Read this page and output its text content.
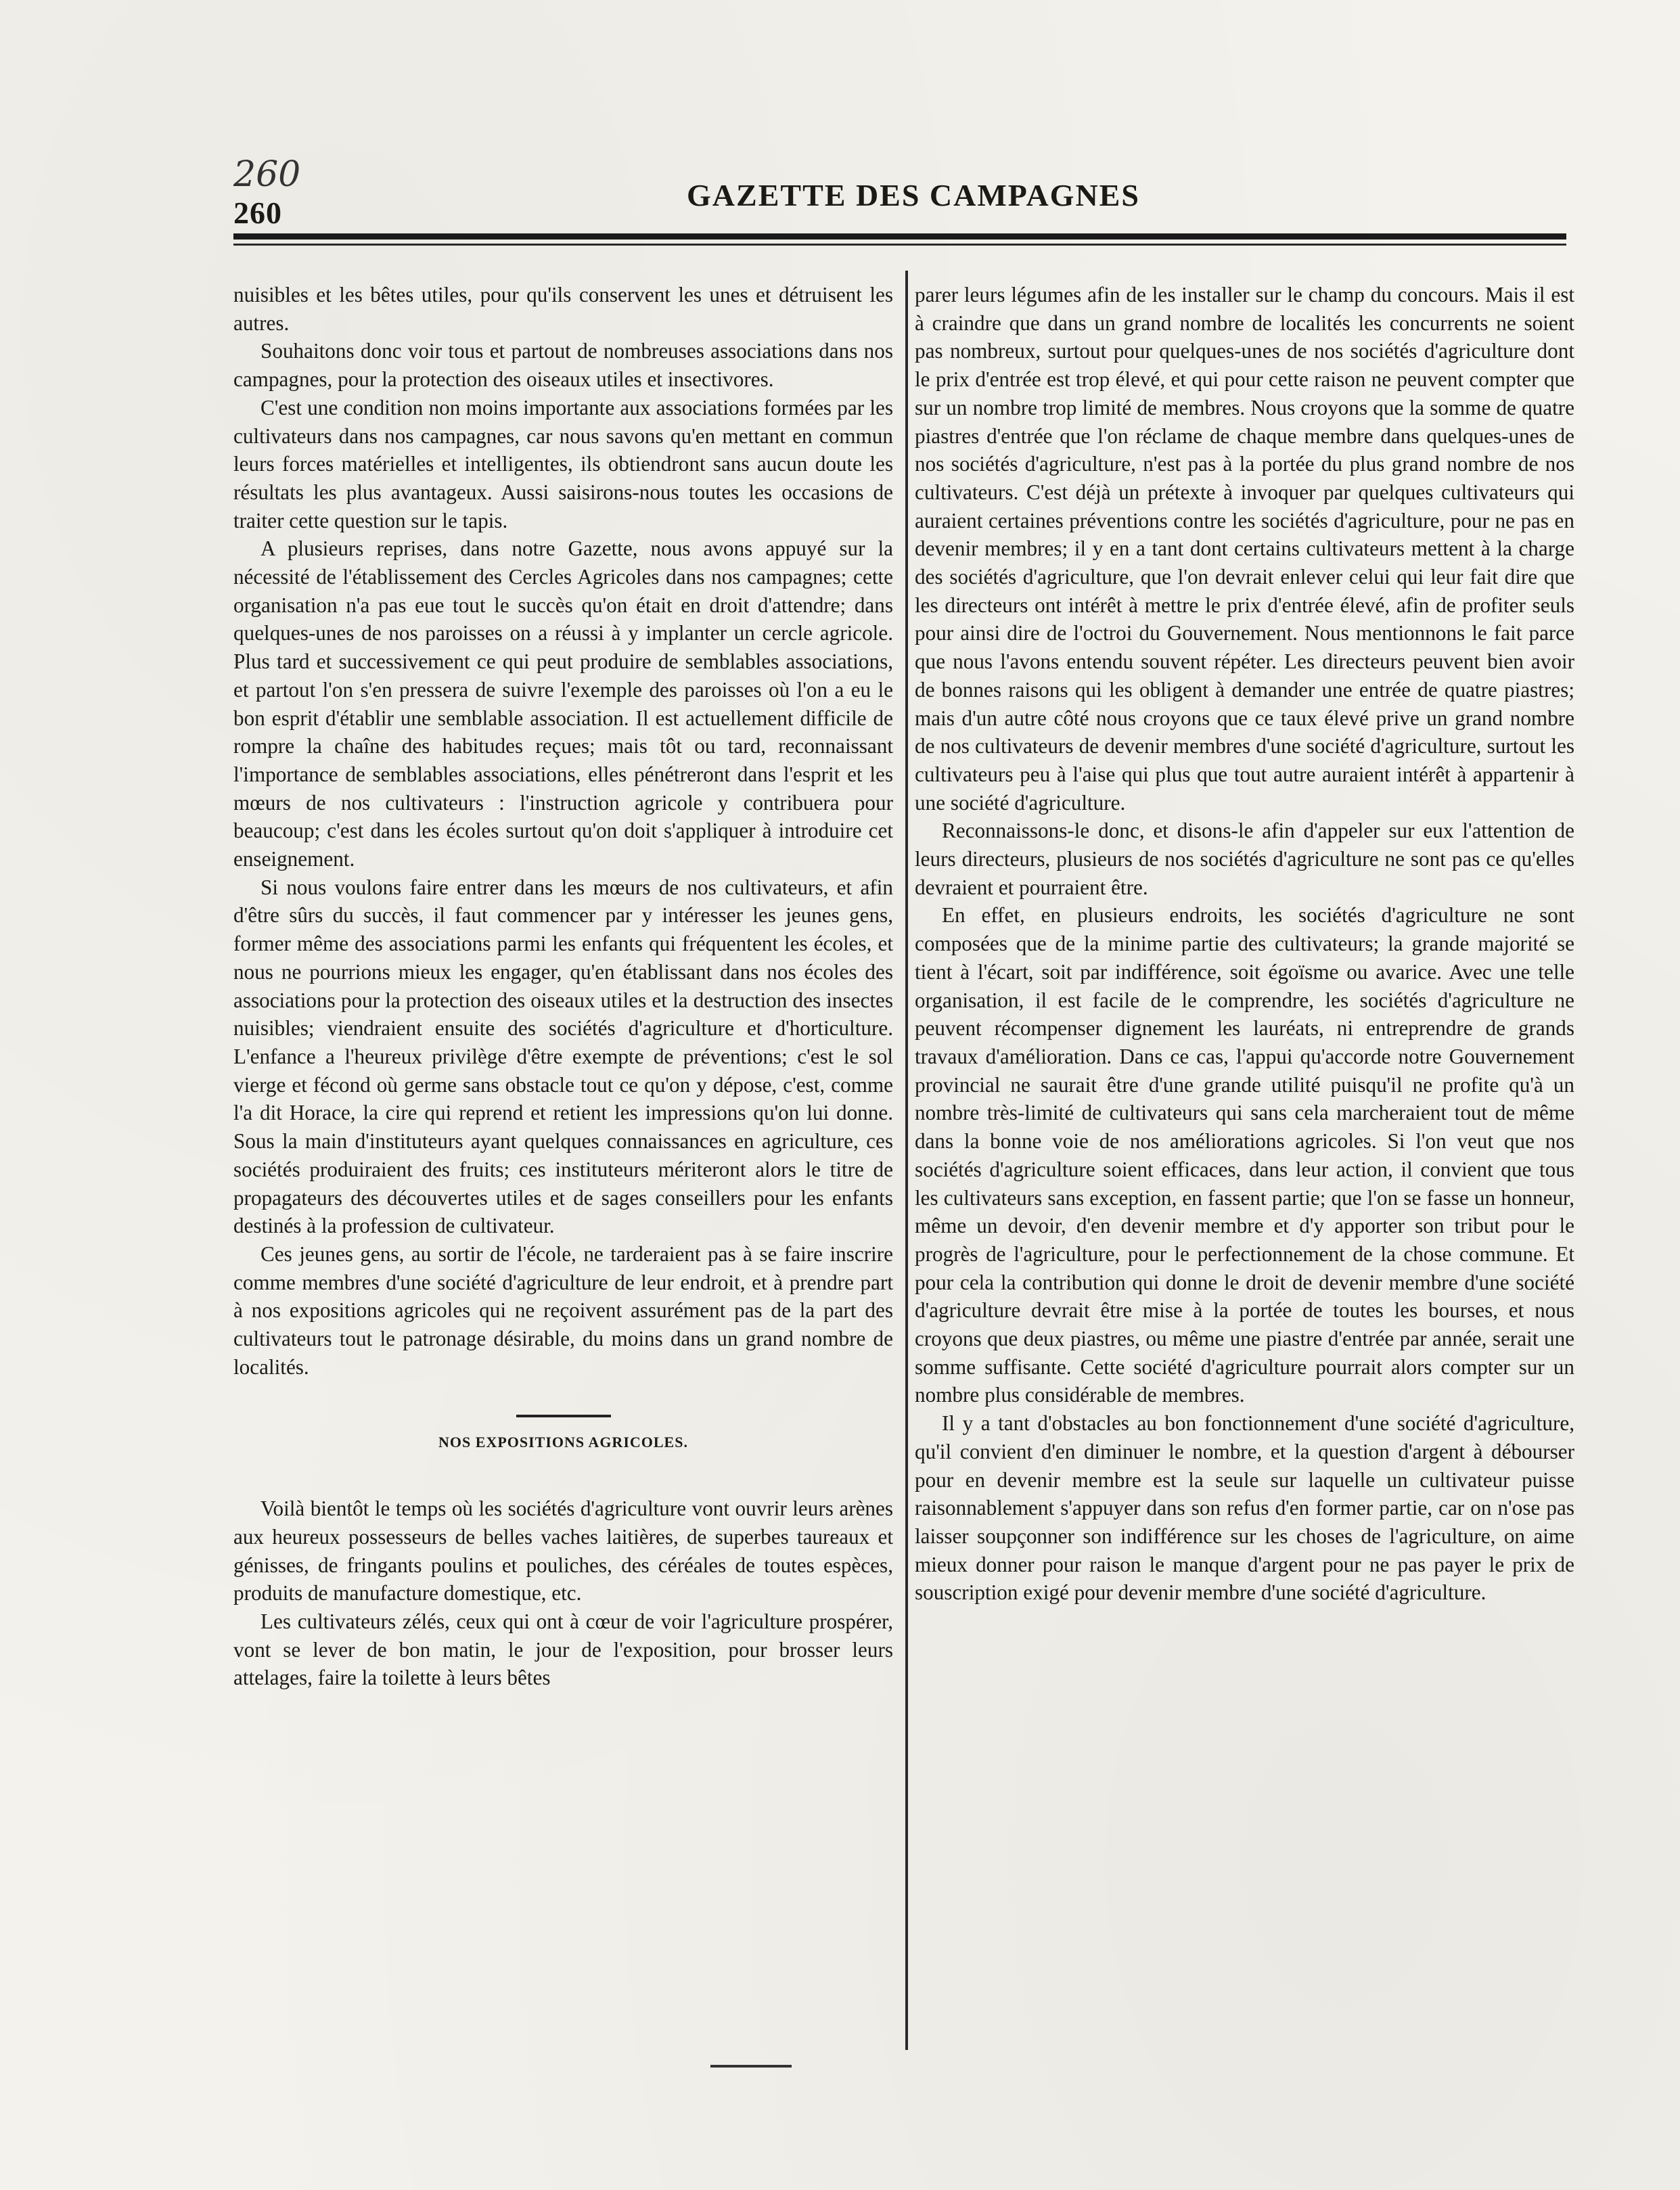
260
260
GAZETTE DES CAMPAGNES

nuisibles et les bêtes utiles, pour qu'ils conservent les unes et détruisent les autres.

Souhaitons donc voir tous et partout de nombreuses associations dans nos campagnes, pour la protection des oiseaux utiles et insectivores.

C'est une condition non moins importante aux associations formées par les cultivateurs dans nos campagnes, car nous savons qu'en mettant en commun leurs forces matérielles et intelligentes, ils obtiendront sans aucun doute les résultats les plus avantageux. Aussi saisirons-nous toutes les occasions de traiter cette question sur le tapis.

A plusieurs reprises, dans notre Gazette, nous avons appuyé sur la nécessité de l'établissement des Cercles Agricoles dans nos campagnes; cette organisation n'a pas eue tout le succès qu'on était en droit d'attendre; dans quelques-unes de nos paroisses on a réussi à y implanter un cercle agricole. Plus tard et successivement ce qui peut produire de semblables associations, et partout l'on s'en pressera de suivre l'exemple des paroisses où l'on a eu le bon esprit d'établir une semblable association. Il est actuellement difficile de rompre la chaîne des habitudes reçues; mais tôt ou tard, reconnaissant l'importance de semblables associations, elles pénétreront dans l'esprit et les mœurs de nos cultivateurs : l'instruction agricole y contribuera pour beaucoup; c'est dans les écoles surtout qu'on doit s'appliquer à introduire cet enseignement.

Si nous voulons faire entrer dans les mœurs de nos cultivateurs, et afin d'être sûrs du succès, il faut commencer par y intéresser les jeunes gens, former même des associations parmi les enfants qui fréquentent les écoles, et nous ne pourrions mieux les engager, qu'en établissant dans nos écoles des associations pour la protection des oiseaux utiles et la destruction des insectes nuisibles; viendraient ensuite des sociétés d'agriculture et d'horticulture. L'enfance a l'heureux privilège d'être exempte de préventions; c'est le sol vierge et fécond où germe sans obstacle tout ce qu'on y dépose, c'est, comme l'a dit Horace, la cire qui reprend et retient les impressions qu'on lui donne. Sous la main d'instituteurs ayant quelques connaissances en agriculture, ces sociétés produiraient des fruits; ces instituteurs mériteront alors le titre de propagateurs des découvertes utiles et de sages conseillers pour les enfants destinés à la profession de cultivateur.

Ces jeunes gens, au sortir de l'école, ne tarderaient pas à se faire inscrire comme membres d'une société d'agriculture de leur endroit, et à prendre part à nos expositions agricoles qui ne reçoivent assurément pas de la part des cultivateurs tout le patronage désirable, du moins dans un grand nombre de localités.

NOS EXPOSITIONS AGRICOLES.

Voilà bientôt le temps où les sociétés d'agriculture vont ouvrir leurs arènes aux heureux possesseurs de belles vaches laitières, de superbes taureaux et génisses, de fringants poulins et pouliches, des céréales de toutes espèces, produits de manufacture domestique, etc.

Les cultivateurs zélés, ceux qui ont à cœur de voir l'agriculture prospérer, vont se lever de bon matin, le jour de l'exposition, pour brosser leurs attelages, faire la toilette à leurs bêtes

parer leurs légumes afin de les installer sur le champ du concours. Mais il est à craindre que dans un grand nombre de localités les concurrents ne soient pas nombreux, surtout pour quelques-unes de nos sociétés d'agriculture dont le prix d'entrée est trop élevé, et qui pour cette raison ne peuvent compter que sur un nombre trop limité de membres. Nous croyons que la somme de quatre piastres d'entrée que l'on réclame de chaque membre dans quelques-unes de nos sociétés d'agriculture, n'est pas à la portée du plus grand nombre de nos cultivateurs. C'est déjà un prétexte à invoquer par quelques cultivateurs qui auraient certaines préventions contre les sociétés d'agriculture, pour ne pas en devenir membres; il y en a tant dont certains cultivateurs mettent à la charge des sociétés d'agriculture, que l'on devrait enlever celui qui leur fait dire que les directeurs ont intérêt à mettre le prix d'entrée élevé, afin de profiter seuls pour ainsi dire de l'octroi du Gouvernement. Nous mentionnons le fait parce que nous l'avons entendu souvent répéter. Les directeurs peuvent bien avoir de bonnes raisons qui les obligent à demander une entrée de quatre piastres; mais d'un autre côté nous croyons que ce taux élevé prive un grand nombre de nos cultivateurs de devenir membres d'une société d'agriculture, surtout les cultivateurs peu à l'aise qui plus que tout autre auraient intérêt à appartenir à une société d'agriculture.

Reconnaissons-le donc, et disons-le afin d'appeler sur eux l'attention de leurs directeurs, plusieurs de nos sociétés d'agriculture ne sont pas ce qu'elles devraient et pourraient être.

En effet, en plusieurs endroits, les sociétés d'agriculture ne sont composées que de la minime partie des cultivateurs; la grande majorité se tient à l'écart, soit par indifférence, soit égoïsme ou avarice. Avec une telle organisation, il est facile de le comprendre, les sociétés d'agriculture ne peuvent récompenser dignement les lauréats, ni entreprendre de grands travaux d'amélioration. Dans ce cas, l'appui qu'accorde notre Gouvernement provincial ne saurait être d'une grande utilité puisqu'il ne profite qu'à un nombre très-limité de cultivateurs qui sans cela marcheraient tout de même dans la bonne voie de nos améliorations agricoles. Si l'on veut que nos sociétés d'agriculture soient efficaces, dans leur action, il convient que tous les cultivateurs sans exception, en fassent partie; que l'on se fasse un honneur, même un devoir, d'en devenir membre et d'y apporter son tribut pour le progrès de l'agriculture, pour le perfectionnement de la chose commune. Et pour cela la contribution qui donne le droit de devenir membre d'une société d'agriculture devrait être mise à la portée de toutes les bourses, et nous croyons que deux piastres, ou même une piastre d'entrée par année, serait une somme suffisante. Cette société d'agriculture pourrait alors compter sur un nombre plus considérable de membres.

Il y a tant d'obstacles au bon fonctionnement d'une société d'agriculture, qu'il convient d'en diminuer le nombre, et la question d'argent à débourser pour en devenir membre est la seule sur laquelle un cultivateur puisse raisonnablement s'appuyer dans son refus d'en former partie, car on n'ose pas laisser soupçonner son indifférence sur les choses de l'agriculture, on aime mieux donner pour raison le manque d'argent pour ne pas payer le prix de souscription exigé pour devenir membre d'une société d'agriculture.
